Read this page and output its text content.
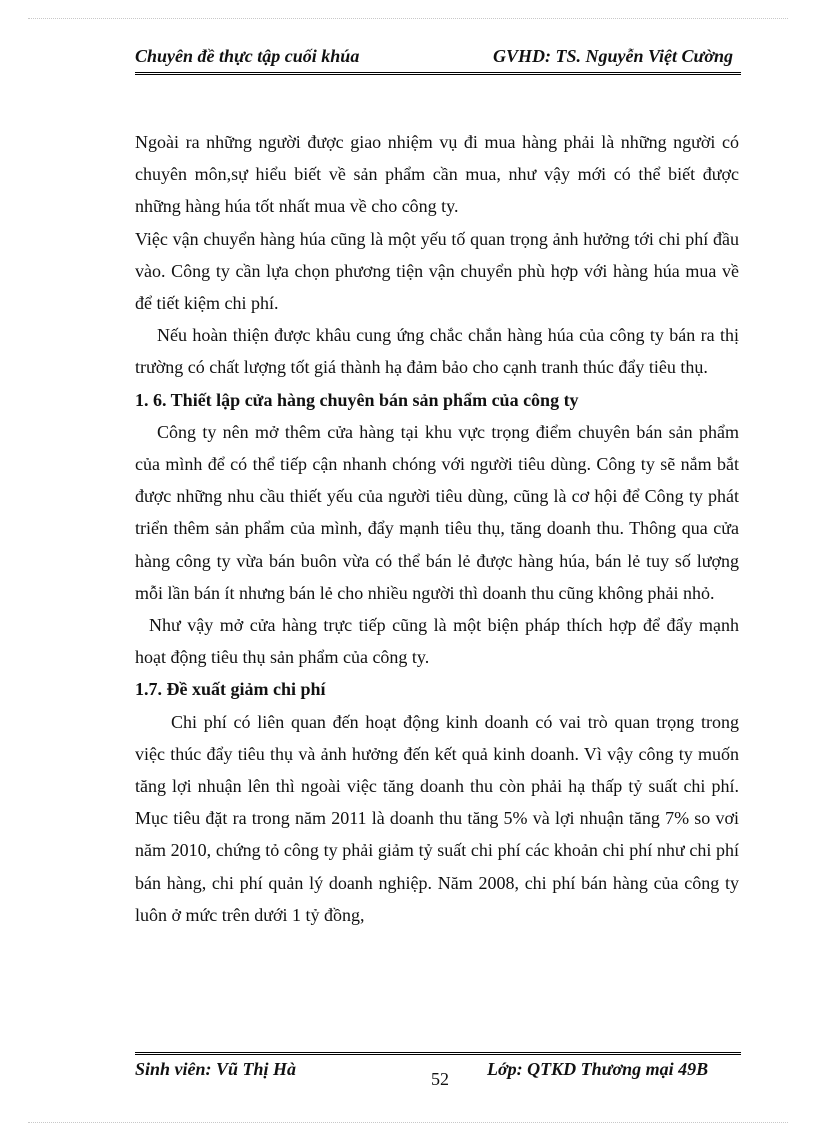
Chuyên đề thực tập cuối khúa	GVHD: TS. Nguyễn Việt Cường

Ngoài ra những người được giao nhiệm vụ đi mua hàng phải là những người có chuyên môn,sự hiểu biết về sản phẩm cần mua, như vậy mới có thể biết được những hàng húa tốt nhất mua về cho công ty.

Việc vận chuyển hàng húa cũng là một yếu tố quan trọng ảnh hưởng tới chi phí đầu vào. Công ty cần lựa chọn phương tiện vận chuyển phù hợp với hàng húa mua về để tiết kiệm chi phí.

Nếu hoàn thiện được khâu cung ứng chắc chắn hàng húa của công ty bán ra thị trường có chất lượng tốt giá thành hạ đảm bảo cho cạnh tranh thúc đẩy tiêu thụ.

1. 6. Thiết lập cửa hàng chuyên bán sản phẩm của công ty

Công ty nên mở thêm cửa hàng tại khu vực trọng điểm chuyên bán sản phẩm của mình để có thể tiếp cận nhanh chóng với người tiêu dùng. Công ty sẽ nắm bắt được những nhu cầu thiết yếu của người tiêu dùng, cũng là cơ hội để Công ty phát triển thêm sản phẩm của mình, đẩy mạnh tiêu thụ, tăng doanh thu. Thông qua cửa hàng công ty vừa bán buôn vừa có thể bán lẻ được hàng húa, bán lẻ tuy số lượng mỗi lần bán ít nhưng bán lẻ cho nhiều người thì doanh thu cũng không phải nhỏ.

Như vậy mở cửa hàng trực tiếp cũng là một biện pháp thích hợp để đẩy mạnh hoạt động tiêu thụ sản phẩm của công ty.

1.7. Đề xuất giảm chi phí

Chi phí có liên quan đến hoạt động kinh doanh có vai trò quan trọng trong việc thúc đẩy tiêu thụ và ảnh hưởng đến kết quả kinh doanh. Vì vậy công ty muốn tăng lợi nhuận lên thì ngoài việc tăng doanh thu còn phải hạ thấp tỷ suất chi phí. Mục tiêu đặt ra trong năm 2011 là doanh thu tăng 5% và lợi nhuận tăng 7% so vơi năm 2010, chứng tỏ công ty phải giảm tỷ suất chi phí các khoản chi phí như chi phí bán hàng, chi phí quản lý doanh nghiệp. Năm 2008, chi phí bán hàng của công ty luôn ở mức trên dưới 1 tỷ đồng,

Sinh viên: Vũ Thị Hà	52 Lớp: QTKD Thương mại 49B
